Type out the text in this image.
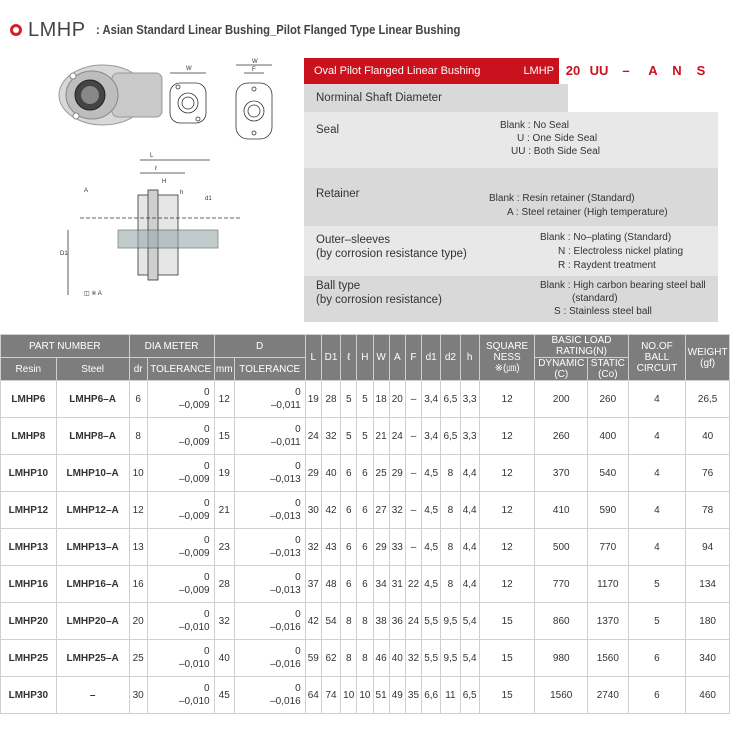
LMHP : Asian Standard Linear Bushing_Pilot Flanged Type Linear Bushing
W
W
F
L
ℓ
H
h
A
d1
D1
◫ ※ A
Oval Pilot Flanged Linear Bushing	LMHP 20 UU	–	A	N	S
Norminal Shaft Diameter
Seal	Blank : No Seal
U : One Side Seal
UU : Both Side Seal
Retainer	Blank : Resin retainer (Standard)
A : Steel retainer (High temperature)
Outer–sleeves
(by corrosion resistance type)
Blank : No–plating (Standard)
N : Electroless nickel plating
R : Raydent treatment
Ball type
(by corrosion resistance)
Blank : High carbon bearing steel ball
(standard)
S : Stainless steel ball
PART NUMBER		DIA METER		D		L	D1	ℓ	H	W	A	F	d1	d2	h	SQUARE NESS
※(㎛)	BASIC LOAD RATING(N)		NO.OF BALL CIRCUIT	WEIGHT (gf)
Resin	Steel	dr	TOLERANCE	mm	TOLERANCE												DYNAMIC (C)	STATIC (Co)		
LMHP6	LMHP6–A	6	0
–0,009	12	0
–0,011	19	28	5	5	18	20	–	3,4	6,5	3,3	12	200	260	4	26,5
LMHP8	LMHP8–A	8	0
–0,009	15	0
–0,011	24	32	5	5	21	24	–	3,4	6,5	3,3	12	260	400	4	40
LMHP10	LMHP10–A	10	0
–0,009	19	0
–0,013	29	40	6	6	25	29	–	4,5	8	4,4	12	370	540	4	76
LMHP12	LMHP12–A	12	0
–0,009	21	0
–0,013	30	42	6	6	27	32	–	4,5	8	4,4	12	410	590	4	78
LMHP13	LMHP13–A	13	0
–0,009	23	0
–0,013	32	43	6	6	29	33	–	4,5	8	4,4	12	500	770	4	94
LMHP16	LMHP16–A	16	0
–0,009	28	0
–0,013	37	48	6	6	34	31	22	4,5	8	4,4	12	770	1170	5	134
LMHP20	LMHP20–A	20	0
–0,010	32	0
–0,016	42	54	8	8	38	36	24	5,5	9,5	5,4	15	860	1370	5	180
LMHP25	LMHP25–A	25	0
–0,010	40	0
–0,016	59	62	8	8	46	40	32	5,5	9,5	5,4	15	980	1560	6	340
LMHP30	–	30	0
–0,010	45	0
–0,016	64	74	10	10	51	49	35	6,6	11	6,5	15	1560	2740	6	460
